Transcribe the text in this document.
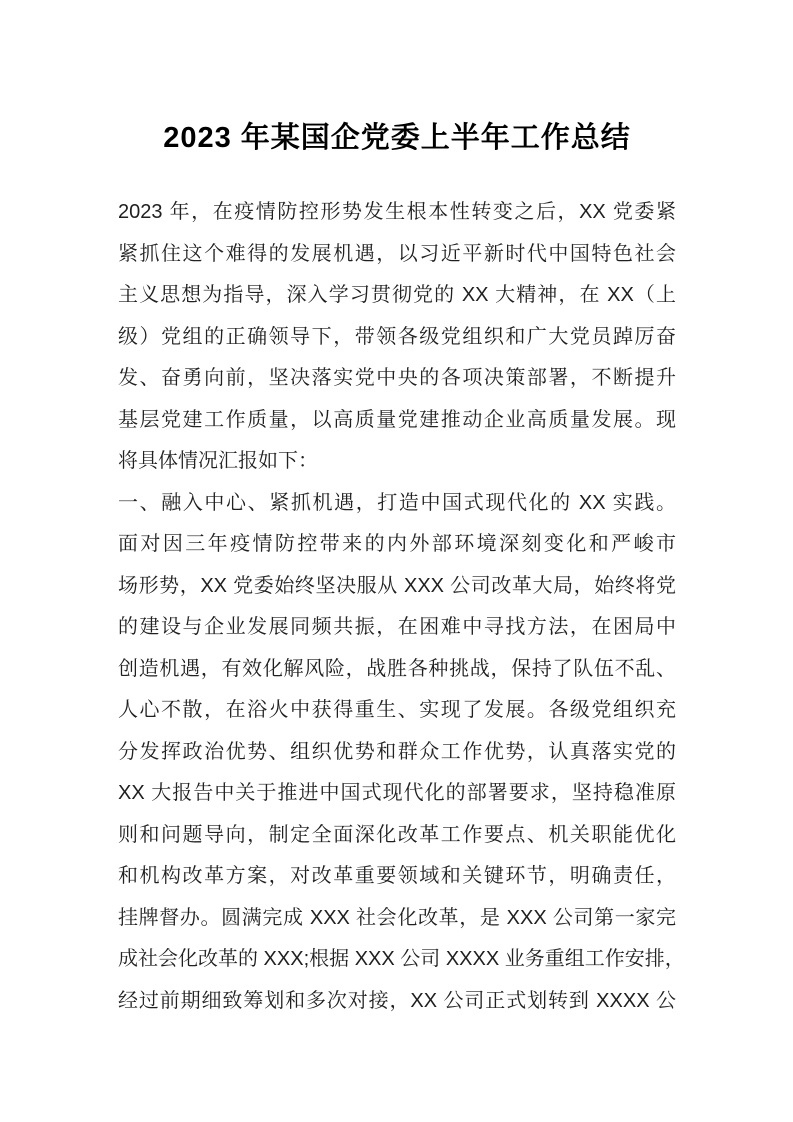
2023 年某国企党委上半年工作总结
2023 年，在疫情防控形势发生根本性转变之后，XX 党委紧
紧抓住这个难得的发展机遇，以习近平新时代中国特色社会
主义思想为指导，深入学习贯彻党的 XX 大精神，在 XX（上
级）党组的正确领导下，带领各级党组织和广大党员踔厉奋
发、奋勇向前，坚决落实党中央的各项决策部署，不断提升
基层党建工作质量，以高质量党建推动企业高质量发展。现
将具体情况汇报如下：
一、融入中心、紧抓机遇，打造中国式现代化的 XX 实践。
面对因三年疫情防控带来的内外部环境深刻变化和严峻市
场形势，XX 党委始终坚决服从 XXX 公司改革大局，始终将党
的建设与企业发展同频共振，在困难中寻找方法，在困局中
创造机遇，有效化解风险，战胜各种挑战，保持了队伍不乱、
人心不散，在浴火中获得重生、实现了发展。各级党组织充
分发挥政治优势、组织优势和群众工作优势，认真落实党的
XX 大报告中关于推进中国式现代化的部署要求，坚持稳准原
则和问题导向，制定全面深化改革工作要点、机关职能优化
和机构改革方案，对改革重要领域和关键环节，明确责任，
挂牌督办。圆满完成 XXX 社会化改革，是 XXX 公司第一家完
成社会化改革的 XXX;根据 XXX 公司 XXXX 业务重组工作安排，
经过前期细致筹划和多次对接，XX 公司正式划转到 XXXX 公
